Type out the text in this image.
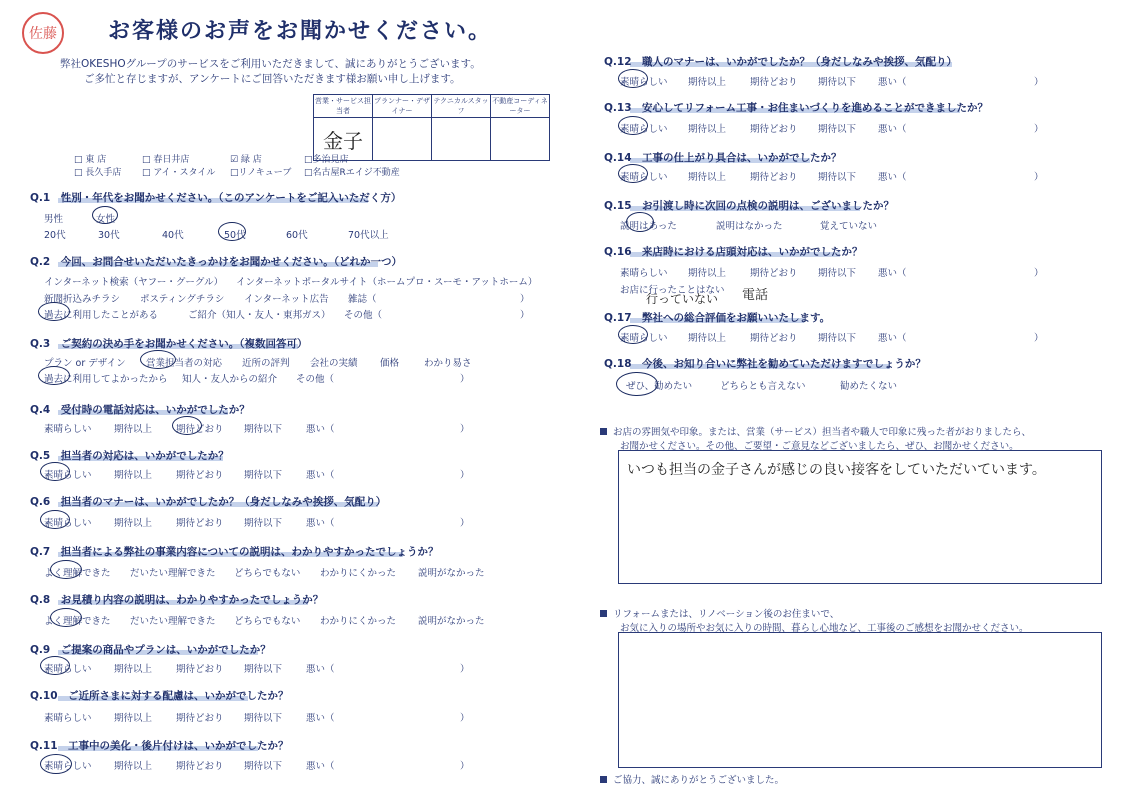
佐藤 お客様のお声をお聞かせください。
弊社OKESHOグループのサービスをご利用いただきまして、誠にありがとうございます。
ご多忙と存じますが、アンケートにご回答いただきます様お願い申し上げます。
営業・サービス担当者	プランナー・デザイナー	テクニカルスタッフ	不動産コーディネーター
金子			
□ 東 店	□ 春日井店	☑ 緑 店	□多治見店
□ 長久手店 □ アイ・スタイル □リノキューブ □名古屋Rエイジ不動産
Q.1　性別・年代をお聞かせください。（このアンケートをご記入いただく方）
男性	女性
20代	30代	40代	50代	60代	70代以上
Q.2　今回、お問合せいただいたきっかけをお聞かせください。（どれか一つ）
インターネット検索（ヤフー・グーグル） インターネットポータルサイト（ホームプロ・スーモ・アットホーム）
新聞折込みチラシ ポスティングチラシ インターネット広告 雑誌（	）
過去に利用したことがある	ご紹介（知人・友人・東邦ガス） その他（	）
Q.3　ご契約の決め手をお聞かせください。（複数回答可）
プラン or デザイン 営業担当者の対応 近所の評判 会社の実績 価格	わかり易さ
過去に利用してよかったから 知人・友人からの紹介 その他（	）
Q.4　受付時の電話対応は、いかがでしたか？
素晴らしい 期待以上	期待どおり 期待以下	悪い（	）
Q.5　担当者の対応は、いかがでしたか？
素晴らしい 期待以上	期待どおり 期待以下	悪い（	）
Q.6　担当者のマナーは、いかがでしたか？（身だしなみや挨拶、気配り）
素晴らしい 期待以上	期待どおり 期待以下	悪い（	）
Q.7　担当者による弊社の事業内容についての説明は、わかりやすかったでしょうか？
よく理解できた だいたい理解できた どちらでもない わかりにくかった 説明がなかった
Q.8　お見積り内容の説明は、わかりやすかったでしょうか？
よく理解できた だいたい理解できた どちらでもない わかりにくかった 説明がなかった
Q.9　ご提案の商品やプランは、いかがでしたか？
素晴らしい 期待以上	期待どおり 期待以下	悪い（	）
Q.10　ご近所さまに対する配慮は、いかがでしたか？
素晴らしい 期待以上	期待どおり 期待以下	悪い（	）
Q.11　工事中の美化・後片付けは、いかがでしたか？
素晴らしい 期待以上	期待どおり 期待以下	悪い（	）
Q.12　職人のマナーは、いかがでしたか？（身だしなみや挨拶、気配り）
素晴らしい 期待以上	期待どおり 期待以下 悪い（	）
Q.13　安心してリフォーム工事・お住まいづくりを進めることができましたか？
素晴らしい 期待以上	期待どおり 期待以下 悪い（	）
Q.14　工事の仕上がり具合は、いかがでしたか？
素晴らしい 期待以上	期待どおり 期待以下 悪い（	）
Q.15　お引渡し時に次回の点検の説明は、ございましたか？
説明はあった	説明はなかった	覚えていない
Q.16　来店時における店頭対応は、いかがでしたか？
素晴らしい 期待以上	期待どおり 期待以下 悪い（	）
お店に行ったことはない
行っていない 電話
Q.17　弊社への総合評価をお願いいたします。
素晴らしい 期待以上	期待どおり 期待以下 悪い（	）
Q.18　今後、お知り合いに弊社を勧めていただけますでしょうか？
ぜひ、勧めたい	どちらとも言えない	勧めたくない
お店の雰囲気や印象。または、営業（サービス）担当者や職人で印象に残った者がおりましたら、
お聞かせください。その他、ご要望・ご意見などございましたら、ぜひ、お聞かせください。
いつも担当の金子さんが感じの良い接客をしていただいています。
リフォームまたは、リノベーション後のお住まいで、
お気に入りの場所やお気に入りの時間、暮らし心地など、工事後のご感想をお聞かせください。
ご協力、誠にありがとうございました。
